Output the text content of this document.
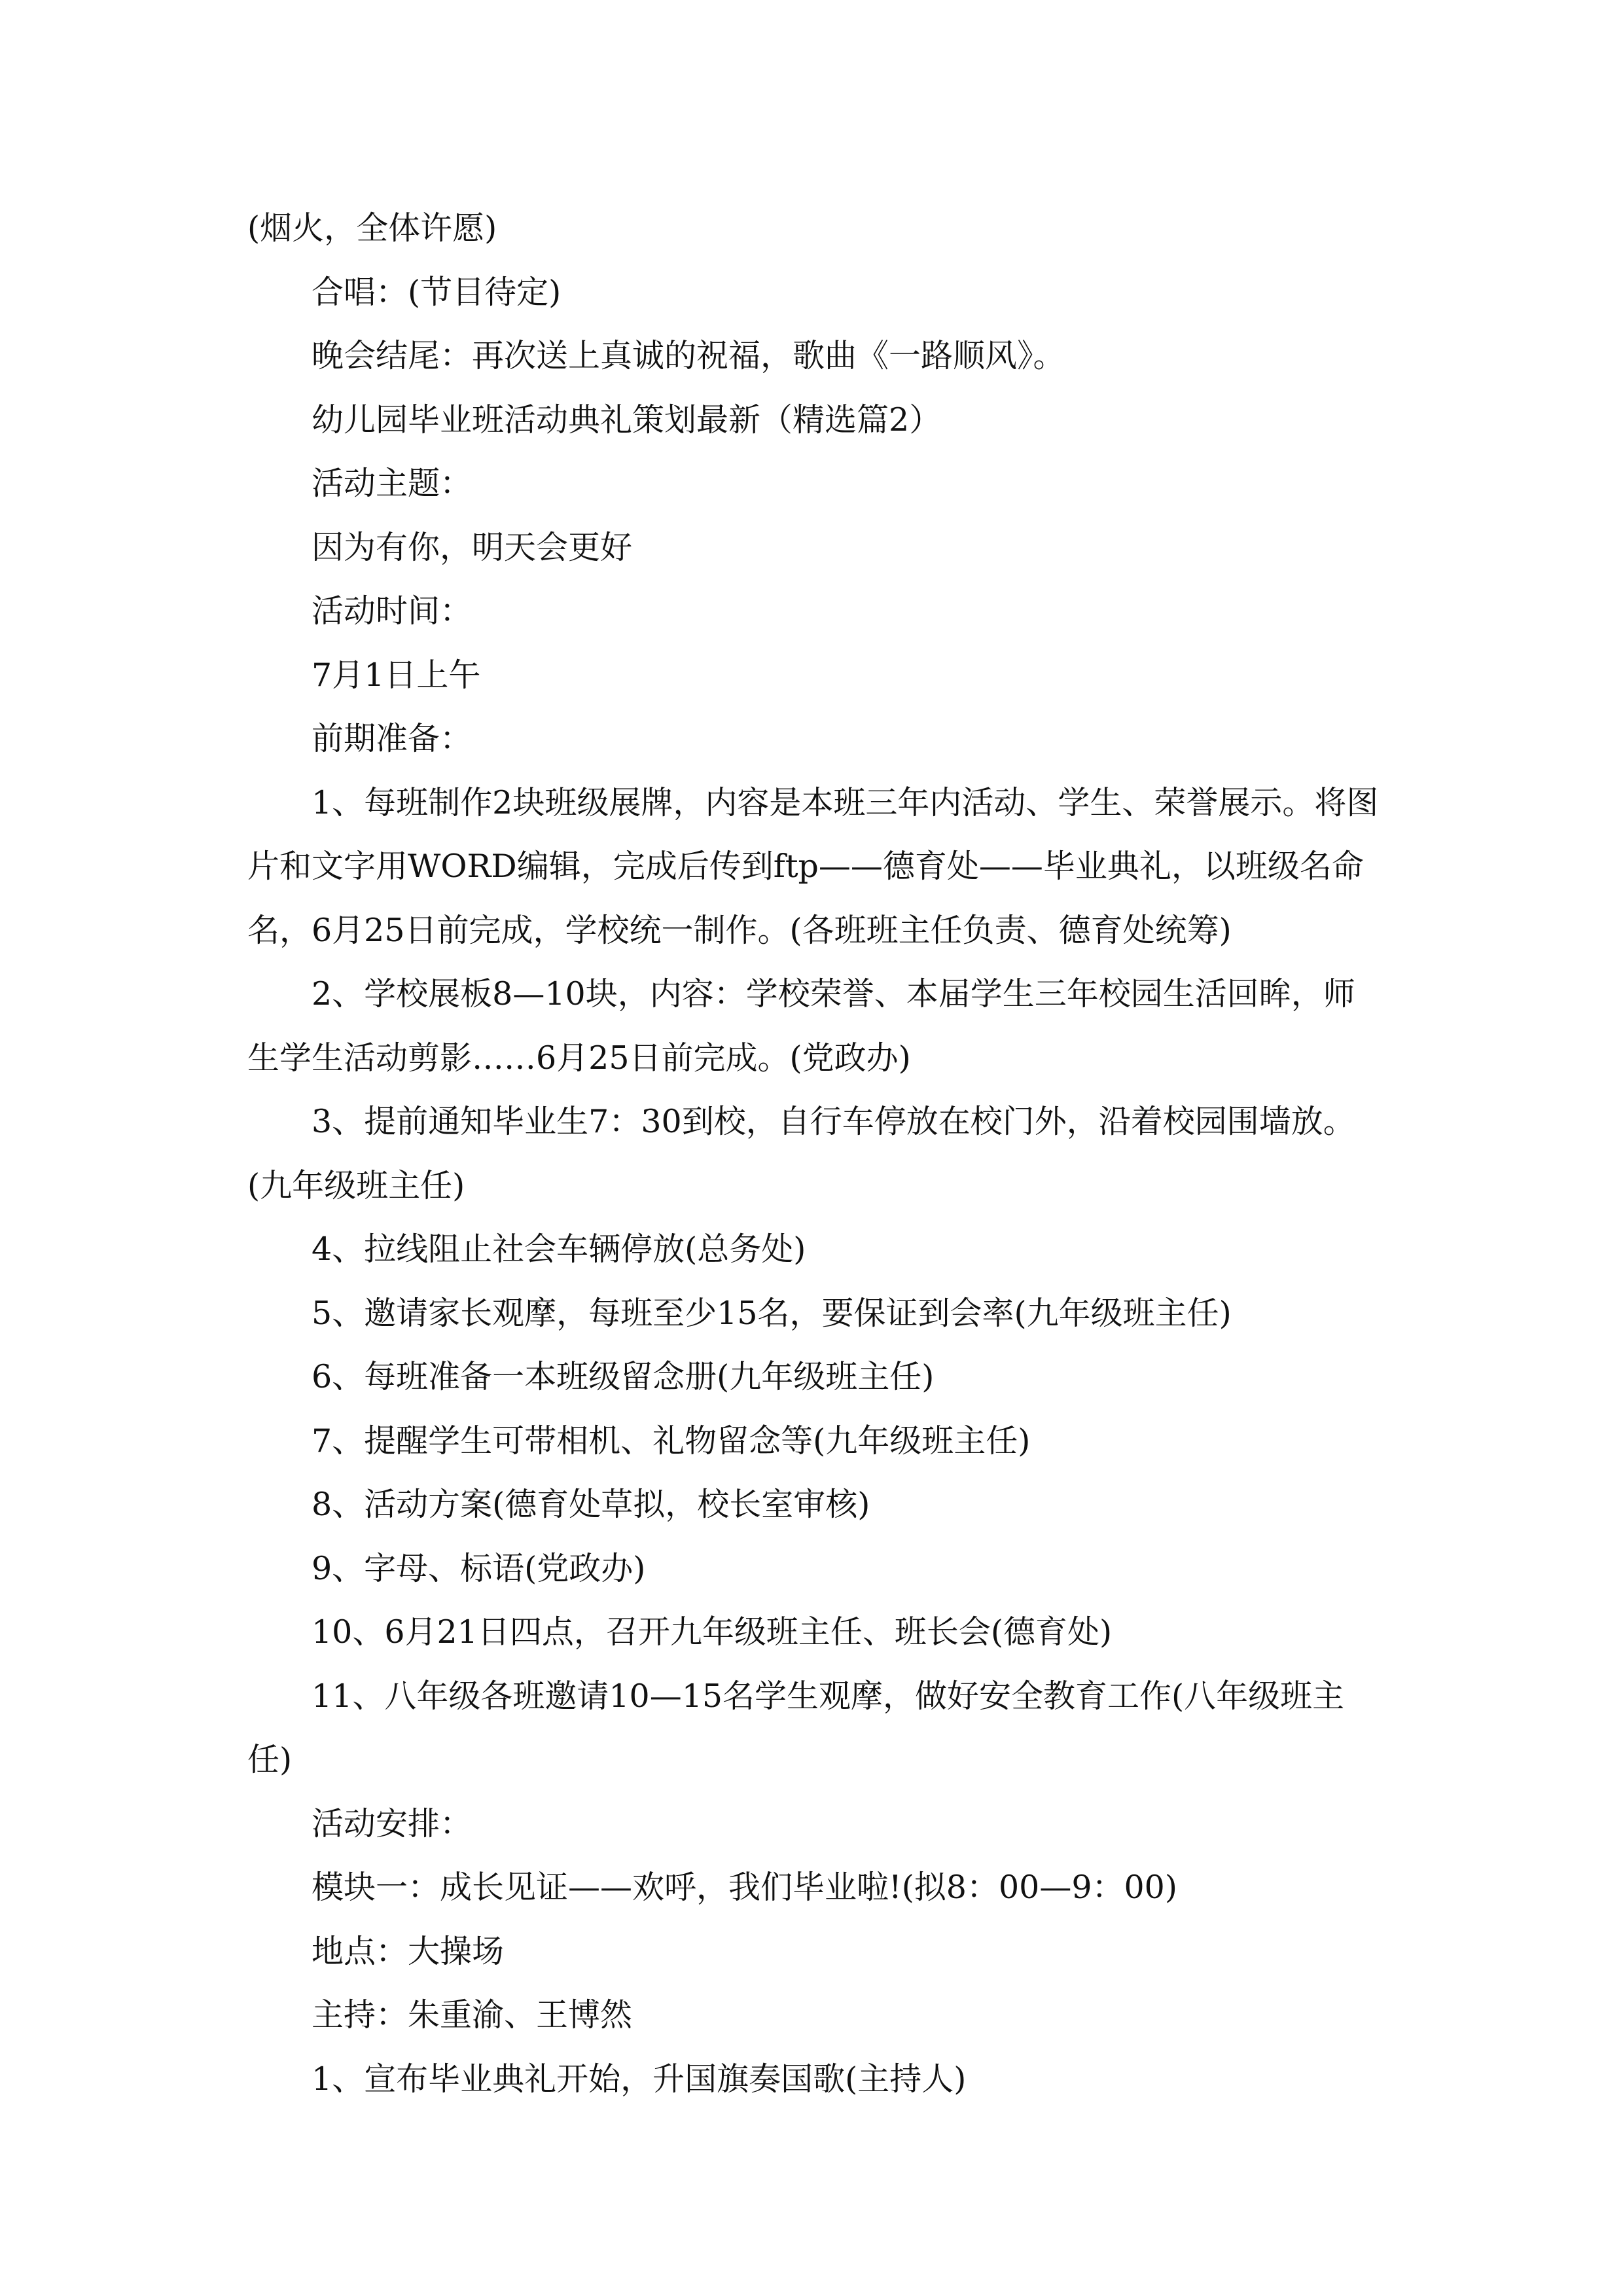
(烟火，全体许愿)

合唱：(节目待定)

晚会结尾：再次送上真诚的祝福，歌曲《一路顺风》。

幼儿园毕业班活动典礼策划最新（精选篇2）

活动主题：

因为有你，明天会更好

活动时间：

7月1日上午

前期准备：

1、每班制作2块班级展牌，内容是本班三年内活动、学生、荣誉展示。将图片和文字用WORD编辑，完成后传到ftp——德育处——毕业典礼，以班级名命名，6月25日前完成，学校统一制作。(各班班主任负责、德育处统筹)

2、学校展板8—10块，内容：学校荣誉、本届学生三年校园生活回眸，师生学生活动剪影……6月25日前完成。(党政办)

3、提前通知毕业生7：30到校，自行车停放在校门外，沿着校园围墙放。(九年级班主任)

4、拉线阻止社会车辆停放(总务处)

5、邀请家长观摩，每班至少15名，要保证到会率(九年级班主任)

6、每班准备一本班级留念册(九年级班主任)

7、提醒学生可带相机、礼物留念等(九年级班主任)

8、活动方案(德育处草拟，校长室审核)

9、字母、标语(党政办)

10、6月21日四点，召开九年级班主任、班长会(德育处)

11、八年级各班邀请10—15名学生观摩，做好安全教育工作(八年级班主任)

活动安排：

模块一：成长见证——欢呼，我们毕业啦!(拟8：00—9：00)

地点：大操场

主持：朱重渝、王博然

1、宣布毕业典礼开始，升国旗奏国歌(主持人)
